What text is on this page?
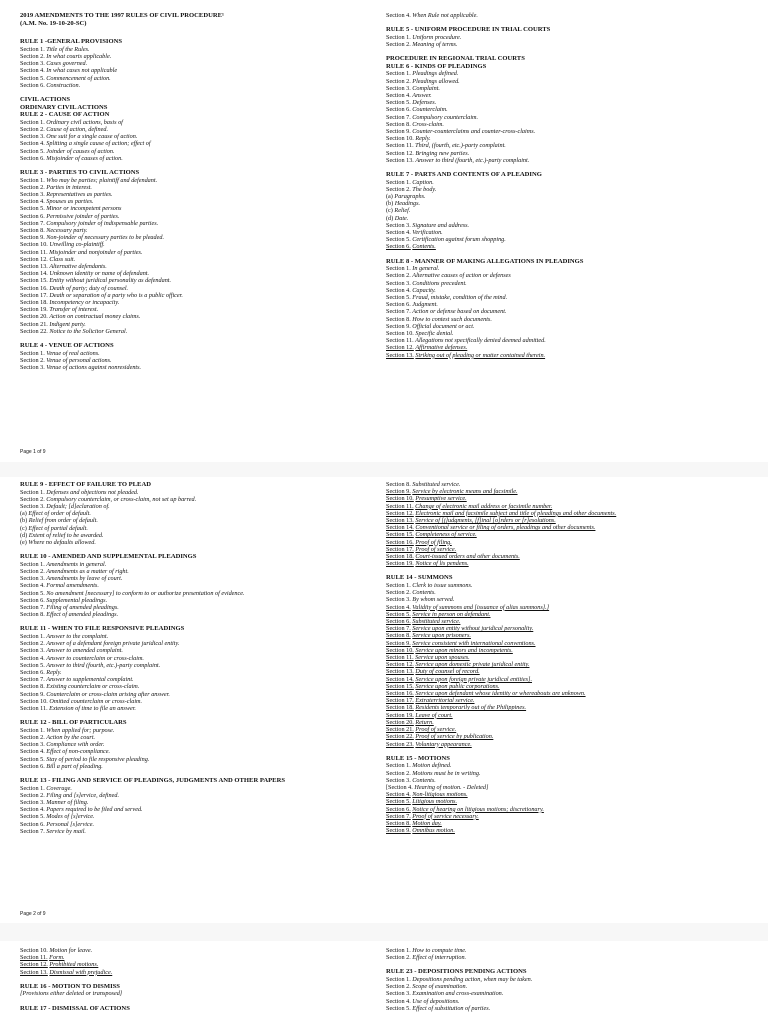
2019 AMENDMENTS TO THE 1997 RULES OF CIVIL PROCEDURE¹
(A.M. No. 19-10-20-SC)
RULE 1 -GENERAL PROVISIONS
Section 1. Title of the Rules.
Section 2. In what courts applicable.
Section 3. Cases governed.
Section 4. In what cases not applicable
Section 5. Commencement of action.
Section 6. Construction.
CIVIL ACTIONS
ORDINARY CIVIL ACTIONS
RULE 2 - CAUSE OF ACTION
Section 1. Ordinary civil actions, basis of
Section 2. Cause of action, defined.
Section 3. One suit for a single cause of action.
Section 4. Splitting a single cause of action; effect of
Section 5. Joinder of causes of action.
Section 6. Misjoinder of causes of action.
RULE 3 - PARTIES TO CIVIL ACTIONS
Section 1. Who may be parties; plaintiff and defendant.
Section 2. Parties in interest.
Section 3. Representatives as parties.
Section 4. Spouses as parties.
Section 5. Minor or incompetent persons
Section 6. Permissive joinder of parties.
Section 7. Compulsory joinder of indispensable parties.
Section 8. Necessary party.
Section 9. Non-joinder of necessary parties to be pleaded.
Section 10. Unwilling co-plaintiff.
Section 11. Misjoinder and nonjoinder of parties.
Section 12. Class suit.
Section 13. Alternative defendants.
Section 14. Unknown identity or name of defendant.
Section 15. Entity without juridical personality as defendant.
Section 16. Death of party; duty of counsel.
Section 17. Death or separation of a party who is a public officer.
Section 18. Incompetency or incapacity.
Section 19. Transfer of interest.
Section 20. Action on contractual money claims.
Section 21. Indigent party.
Section 22. Notice to the Solicitor General.
RULE 4 - VENUE OF ACTIONS
Section 1. Venue of real actions.
Section 2. Venue of personal actions.
Section 3. Venue of actions against nonresidents.
Section 4. When Rule not applicable.
RULE 5 - UNIFORM PROCEDURE IN TRIAL COURTS
Section 1. Uniform procedure.
Section 2. Meaning of terms.
PROCEDURE IN REGIONAL TRIAL COURTS
RULE 6 - KINDS OF PLEADINGS
Section 1. Pleadings defined.
Section 2. Pleadings allowed.
Section 3. Complaint.
Section 4. Answer.
Section 5. Defenses.
Section 6. Counterclaim.
Section 7. Compulsory counterclaim.
Section 8. Cross-claim.
Section 9. Counter-counterclaims and counter-cross-claims.
Section 10. Reply.
Section 11. Third, (fourth, etc.)-party complaint.
Section 12. Bringing new parties.
Section 13. Answer to third (fourth, etc.)-party complaint.
RULE 7 - PARTS AND CONTENTS OF A PLEADING
Section 1. Caption.
Section 2. The body.
(a) Paragraphs.
(b) Headings.
(c) Relief.
(d) Date.
Section 3. Signature and address.
Section 4. Verification.
Section 5. Certification against forum shopping.
Section 6. Contents.
RULE 8 - MANNER OF MAKING ALLEGATIONS IN PLEADINGS
Section 1. In general.
Section 2. Alternative causes of action or defenses
Section 3. Conditions precedent.
Section 4. Capacity.
Section 5. Fraud, mistake, condition of the mind.
Section 6. Judgment.
Section 7. Action or defense based on document.
Section 8. How to contest such documents.
Section 9. Official document or act.
Section 10. Specific denial.
Section 11. Allegations not specifically denied deemed admitted.
Section 12. Affirmative defenses.
Section 13. Striking out of pleading or matter contained therein.
Page 1 of 9
RULE 9 - EFFECT OF FAILURE TO PLEAD
Section 1. Defenses and objections not pleaded.
Section 2. Compulsory counterclaim, or cross-claim, not set up barred.
Section 3. Default; [d]eclaration of.
(a) Effect of order of default.
(b) Relief from order of default.
(c) Effect of partial default.
(d) Extent of relief to be awarded.
(e) Where no defaults allowed.
RULE 10 - AMENDED AND SUPPLEMENTAL PLEADINGS
Section 1. Amendments in general.
Section 2. Amendments as a matter of right.
Section 3. Amendments by leave of court.
Section 4. Formal amendments.
Section 5. No amendment [necessary] to conform to or authorize presentation of evidence.
Section 6. Supplemental pleadings.
Section 7. Filing of amended pleadings.
Section 8. Effect of amended pleadings.
RULE 11 - WHEN TO FILE RESPONSIVE PLEADINGS
Section 1. Answer to the complaint.
Section 2. Answer of a defendant foreign private juridical entity.
Section 3. Answer to amended complaint.
Section 4. Answer to counterclaim or cross-claim.
Section 5. Answer to third (fourth, etc.)-party complaint.
Section 6. Reply.
Section 7. Answer to supplemental complaint.
Section 8. Existing counterclaim or cross-claim.
Section 9. Counterclaim or cross-claim arising after answer.
Section 10. Omitted counterclaim or cross-claim.
Section 11. Extension of time to file an answer.
RULE 12 - BILL OF PARTICULARS
Section 1. When applied for; purpose.
Section 2. Action by the court.
Section 3. Compliance with order.
Section 4. Effect of non-compliance.
Section 5. Stay of period to file responsive pleading.
Section 6. Bill a part of pleading.
RULE 13 - FILING AND SERVICE OF PLEADINGS, JUDGMENTS AND OTHER PAPERS
Section 1. Coverage.
Section 2. Filing and [s]ervice, defined.
Section 3. Manner of filing.
Section 4. Papers required to be filed and served.
Section 5. Modes of [s]ervice.
Section 6. Personal [s]ervice.
Section 7. Service by mail.
Section 8. Substituted service.
Section 9. Service by electronic means and facsimile.
Section 10. Presumptive service.
Section 11. Change of electronic mail address or facsimile number.
Section 12. Electronic mail and facsimile subject and title of pleadings and other documents.
Section 13. Service of [j]udgments, [f]inal [o]rders or [r]esolutions.
Section 14. Conventional service or filing of orders, pleadings and other documents.
Section 15. Completeness of service.
Section 16. Proof of filing.
Section 17. Proof of service.
Section 18. Court-issued orders and other documents.
Section 19. Notice of lis pendens.
RULE 14 - SUMMONS
Section 1. Clerk to issue summons.
Section 2. Contents.
Section 3. By whom served.
Section 4. Validity of summons and [issuance of alias summons].]
Section 5. Service in person on defendant.
Section 6. Substituted service.
Section 7. Service upon entity without juridical personality.
Section 8. Service upon prisoners.
Section 9. Service consistent with international conventions.
Section 10. Service upon minors and incompetents.
Section 11. Service upon spouses.
Section 12. Service upon domestic private juridical entity.
Section 13. Duty of counsel of record.
Section 14. Service upon foreign private juridical entities].
Section 15. Service upon public corporations.
Section 16. Service upon defendant whose identity or whereabouts are unknown.
Section 17. Extraterritorial service.
Section 18. Residents temporarily out of the Philippines.
Section 19. Leave of court.
Section 20. Return.
Section 21. Proof of service.
Section 22. Proof of service by publication.
Section 23. Voluntary appearance.
RULE 15 - MOTIONS
Section 1. Motion defined.
Section 2. Motions must be in writing.
Section 3. Contents.
[Section 4. Hearing of motion. - Deleted]
Section 4. Non-litigious motions.
Section 5. Litigious motions.
Section 6. Notice of hearing on litigious motions; discretionary.
Section 7. Proof of service necessary.
Section 8. Motion day.
Section 9. Omnibus motion.
Page 2 of 9
Section 10. Motion for leave.
Section 11. Form.
Section 12. Prohibited motions.
Section 13. Dismissal with prejudice.
RULE 16 - MOTION TO DISMISS
[Provisions either deleted or transposed]
RULE 17 - DISMISSAL OF ACTIONS
Section 1. How to compute time.
Section 2. Effect of interruption.
RULE 23 - DEPOSITIONS PENDING ACTIONS
Section 1. Depositions pending action, when may be taken.
Section 2. Scope of examination.
Section 3. Examination and cross-examination.
Section 4. Use of depositions.
Section 5. Effect of substitution of parties.
